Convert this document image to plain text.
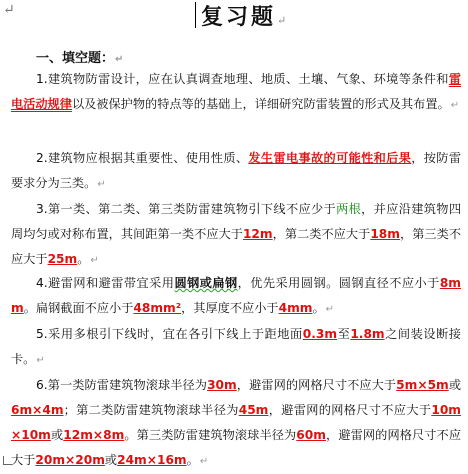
↵	复习题↵
一、填空题：↵
1.建筑物防雷设计，应在认真调查地理、地质、土壤、气象、环境等条件和雷电活动规律以及被保护物的特点等的基础上，详细研究防雷装置的形式及其布置。↵
2.建筑物应根据其重要性、使用性质、发生雷电事故的可能性和后果，按防雷要求分为三类。↵
3.第一类、第二类、第三类防雷建筑物引下线不应少于两根，并应沿建筑物四周均匀或对称布置，其间距第一类不应大于12m，第二类不应大于18m，第三类不应大于25m。↵
4.避雷网和避雷带宜采用圆钢或扁钢，优先采用圆钢。圆钢直径不应小于8mm。扁钢截面不应小于48mm²，其厚度不应小于4mm。↵
5.采用多根引下线时，宜在各引下线上于距地面0.3m至1.8m之间装设断接卡。↵
6.第一类防雷建筑物滚球半径为30m，避雷网的网格尺寸不应大于5m×5m或6m×4m；第二类防雷建筑物滚球半径为45m，避雷网的网格尺寸不应大于10m×10m或12m×8m。第三类防雷建筑物滚球半径为60m，避雷网的网格尺寸不应大于20m×20m或24m×16m。↵
